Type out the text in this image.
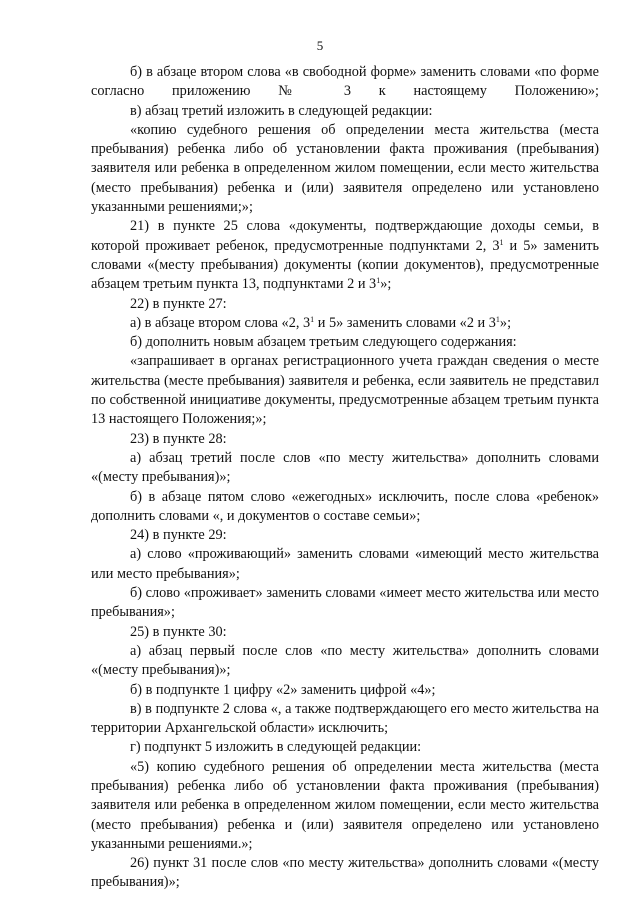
5

б) в абзаце втором слова «в свободной форме» заменить словами «по форме согласно приложению № 3 к настоящему Положению»;

в) абзац третий изложить в следующей редакции:

«копию судебного решения об определении места жительства (места пребывания) ребенка либо об установлении факта проживания (пребывания) заявителя или ребенка в определенном жилом помещении, если место жительства (место пребывания) ребенка и (или) заявителя определено или установлено указанными решениями;»;

21) в пункте 25 слова «документы, подтверждающие доходы семьи, в которой проживает ребенок, предусмотренные подпунктами 2, $3^1$ и 5» заменить словами «(месту пребывания) документы (копии документов), предусмотренные абзацем третьим пункта 13, подпунктами 2 и $3^1$»;

22) в пункте 27:

а) в абзаце втором слова «2, $3^1$ и 5» заменить словами «2 и $3^1$»;

б) дополнить новым абзацем третьим следующего содержания:

«запрашивает в органах регистрационного учета граждан сведения о месте жительства (месте пребывания) заявителя и ребенка, если заявитель не представил по собственной инициативе документы, предусмотренные абзацем третьим пункта 13 настоящего Положения;»;

23) в пункте 28:

а) абзац третий после слов «по месту жительства» дополнить словами «(месту пребывания)»;

б) в абзаце пятом слово «ежегодных» исключить, после слова «ребенок» дополнить словами «, и документов о составе семьи»;

24) в пункте 29:

а) слово «проживающий» заменить словами «имеющий место жительства или место пребывания»;

б) слово «проживает» заменить словами «имеет место жительства или место пребывания»;

25) в пункте 30:

а) абзац первый после слов «по месту жительства» дополнить словами «(месту пребывания)»;

б) в подпункте 1 цифру «2» заменить цифрой «4»;

в) в подпункте 2 слова «, а также подтверждающего его место жительства на территории Архангельской области» исключить;

г) подпункт 5 изложить в следующей редакции:

«5) копию судебного решения об определении места жительства (места пребывания) ребенка либо об установлении факта проживания (пребывания) заявителя или ребенка в определенном жилом помещении, если место жительства (место пребывания) ребенка и (или) заявителя определено или установлено указанными решениями.»;

26) пункт 31 после слов «по месту жительства» дополнить словами «(месту пребывания)»;
